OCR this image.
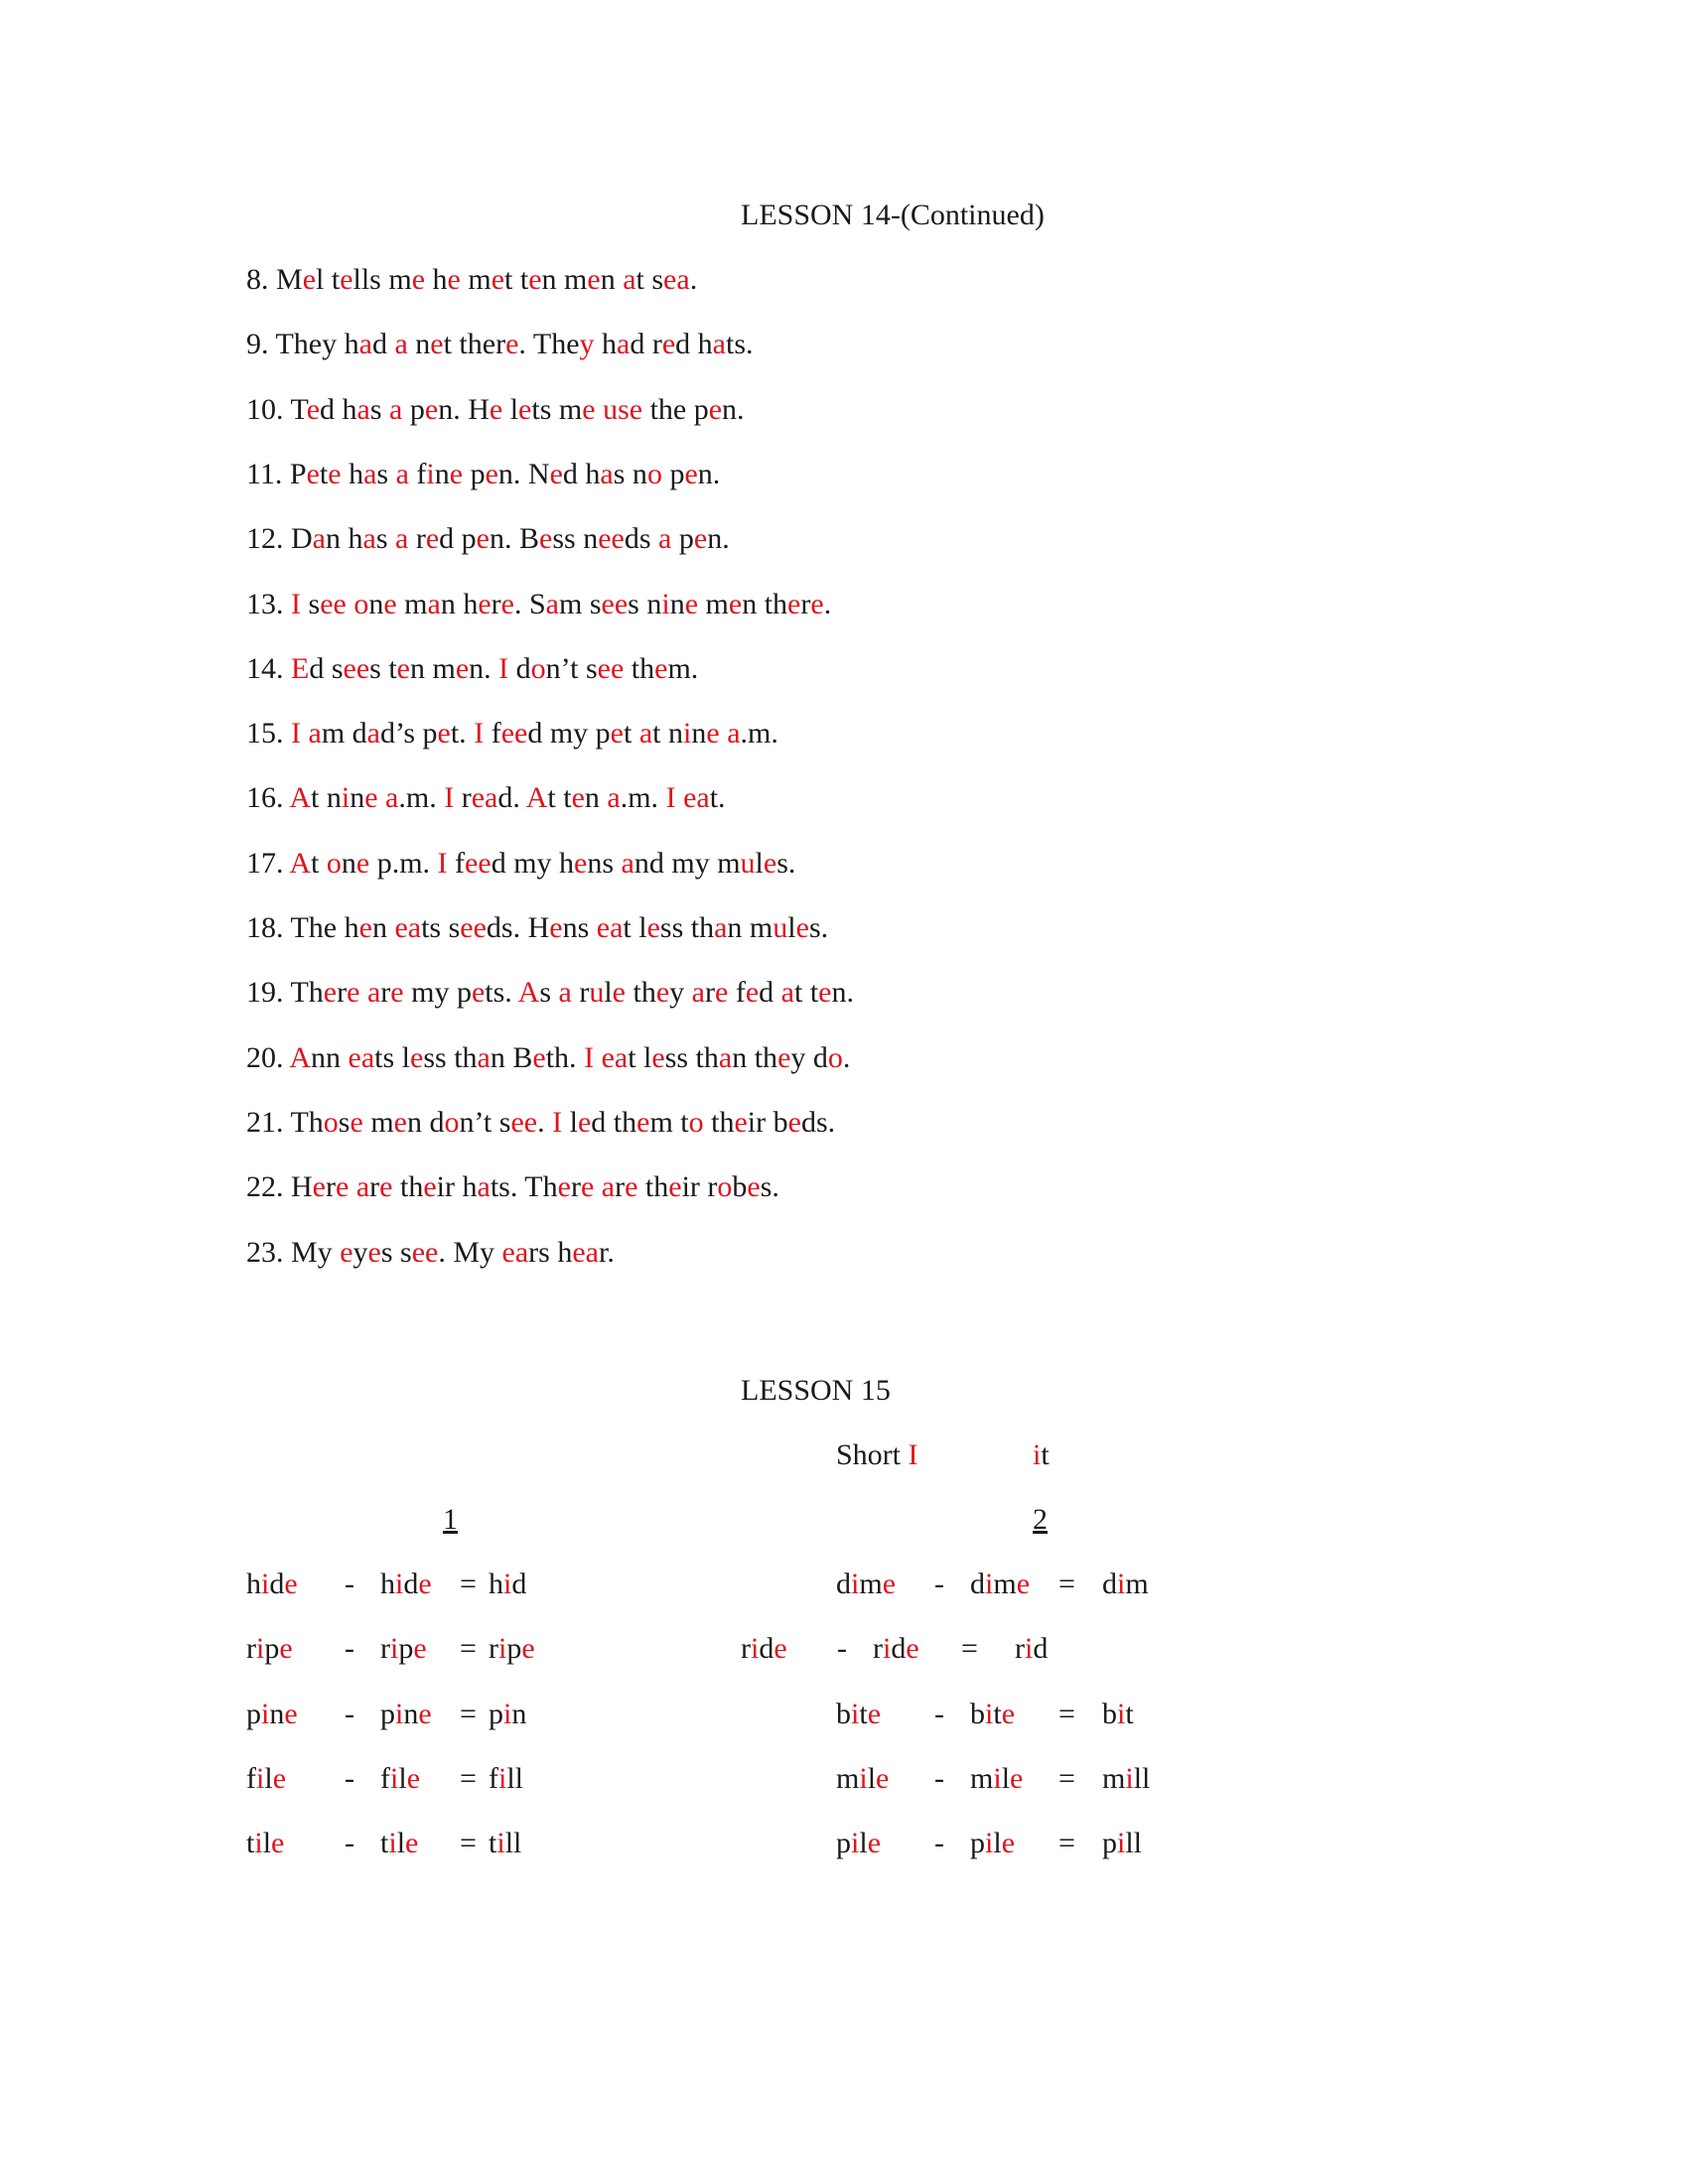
LESSON 14-(Continued)
8. Mel tells me he met ten men at sea.
9. They had a net there. They had red hats.
10. Ted has a pen. He lets me use the pen.
11. Pete has a fine pen. Ned has no pen.
12. Dan has a red pen. Bess needs a pen.
13. I see one man here. Sam sees nine men there.
14. Ed sees ten men. I don’t see them.
15. I am dad’s pet. I feed my pet at nine a.m.
16. At nine a.m. I read. At ten a.m. I eat.
17. At one p.m. I feed my hens and my mules.
18. The hen eats seeds. Hens eat less than mules.
19. There are my pets. As a rule they are fed at ten.
20. Ann eats less than Beth. I eat less than they do.
21. Those men don’t see. I led them to their beds.
22. Here are their hats. There are their robes.
23. My eyes see. My ears hear.
LESSON 15
Short I	it
1	2
hide - hide = hid
ripe - ripe = ripe
pine - pine = pin
file - file = fill
tile - tile = till
dime - dime = dim
ride - ride = rid
bite - bite = bit
mile - mile = mill
pile - pile = pill
